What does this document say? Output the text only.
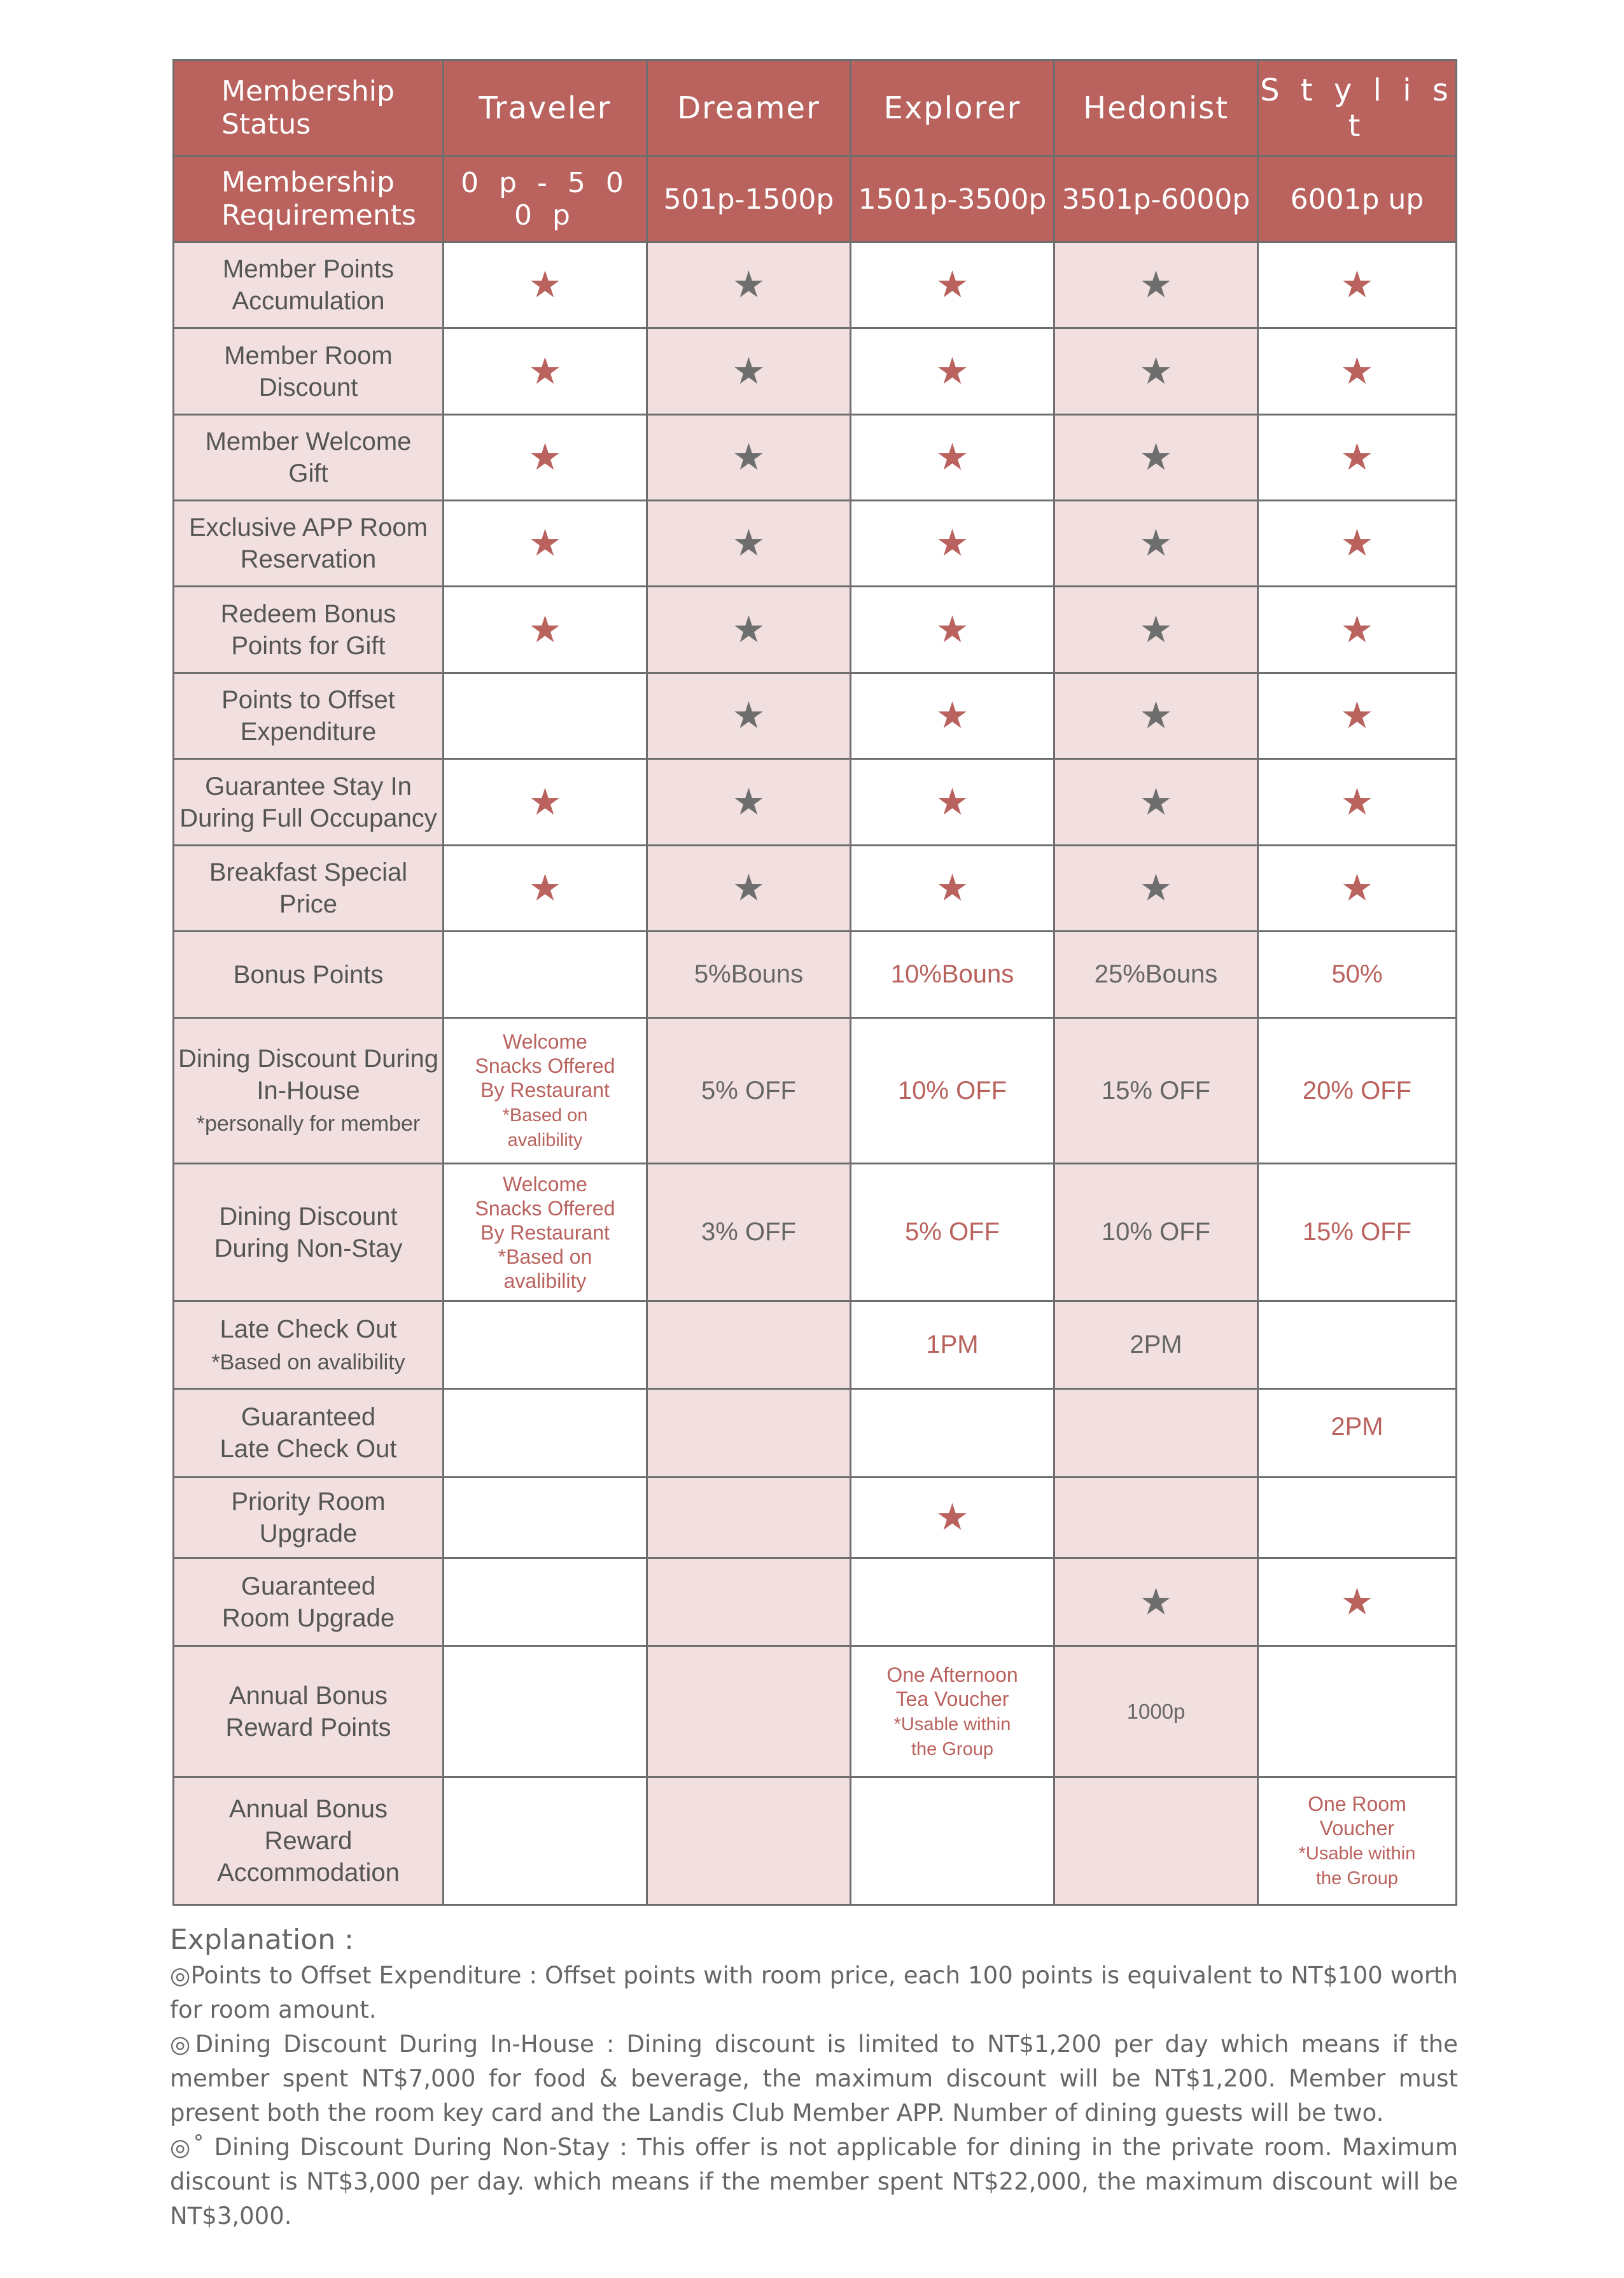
Membership
Status	Traveler	Dreamer	Explorer	Hedonist	S t y l i s t
Membership
Requirements	0 p - 5 0 0 p	501p-1500p	1501p-3500p	3501p-6000p	6001p up
Member Points
Accumulation	★	★	★	★	★
Member Room
Discount	★	★	★	★	★
Member Welcome
Gift	★	★	★	★	★
Exclusive APP Room
Reservation	★	★	★	★	★
Redeem Bonus
Points for Gift	★	★	★	★	★
Points to Offset
Expenditure		★	★	★	★
Guarantee Stay In
During Full Occupancy	★	★	★	★	★
Breakfast Special
Price	★	★	★	★	★
Bonus Points		5%Bouns	10%Bouns	25%Bouns	50%
Dining Discount During
In-House
*personally for member	Welcome
Snacks Offered
By Restaurant
*Based on
avalibility	5% OFF	10% OFF	15% OFF	20% OFF
Dining Discount
During Non-Stay	Welcome
Snacks Offered
By Restaurant
*Based on
avalibility	3% OFF	5% OFF	10% OFF	15% OFF
Late Check Out
*Based on avalibility			1PM	2PM	
Guaranteed
Late Check Out					2PM
Priority Room
Upgrade			★		
Guaranteed
Room Upgrade				★	★
Annual Bonus
Reward Points			One Afternoon
Tea Voucher
*Usable within
the Group	1000p	
Annual Bonus
Reward
Accommodation					One Room
Voucher
*Usable within
the Group
Explanation :

◎Points to Offset Expenditure : Offset points with room price, each 100 points is equivalent to NT$100 worth for room amount.

◎Dining Discount During In-House : Dining discount is limited to NT$1,200 per day which means if the member spent NT$7,000 for food & beverage, the maximum discount will be NT$1,200. Member must present both the room key card and the Landis Club Member APP. Number of dining guests will be two.

◎˚ Dining Discount During Non-Stay : This offer is not applicable for dining in the private room. Maximum discount is NT$3,000 per day. which means if the member spent NT$22,000, the maximum discount will be NT$3,000.
